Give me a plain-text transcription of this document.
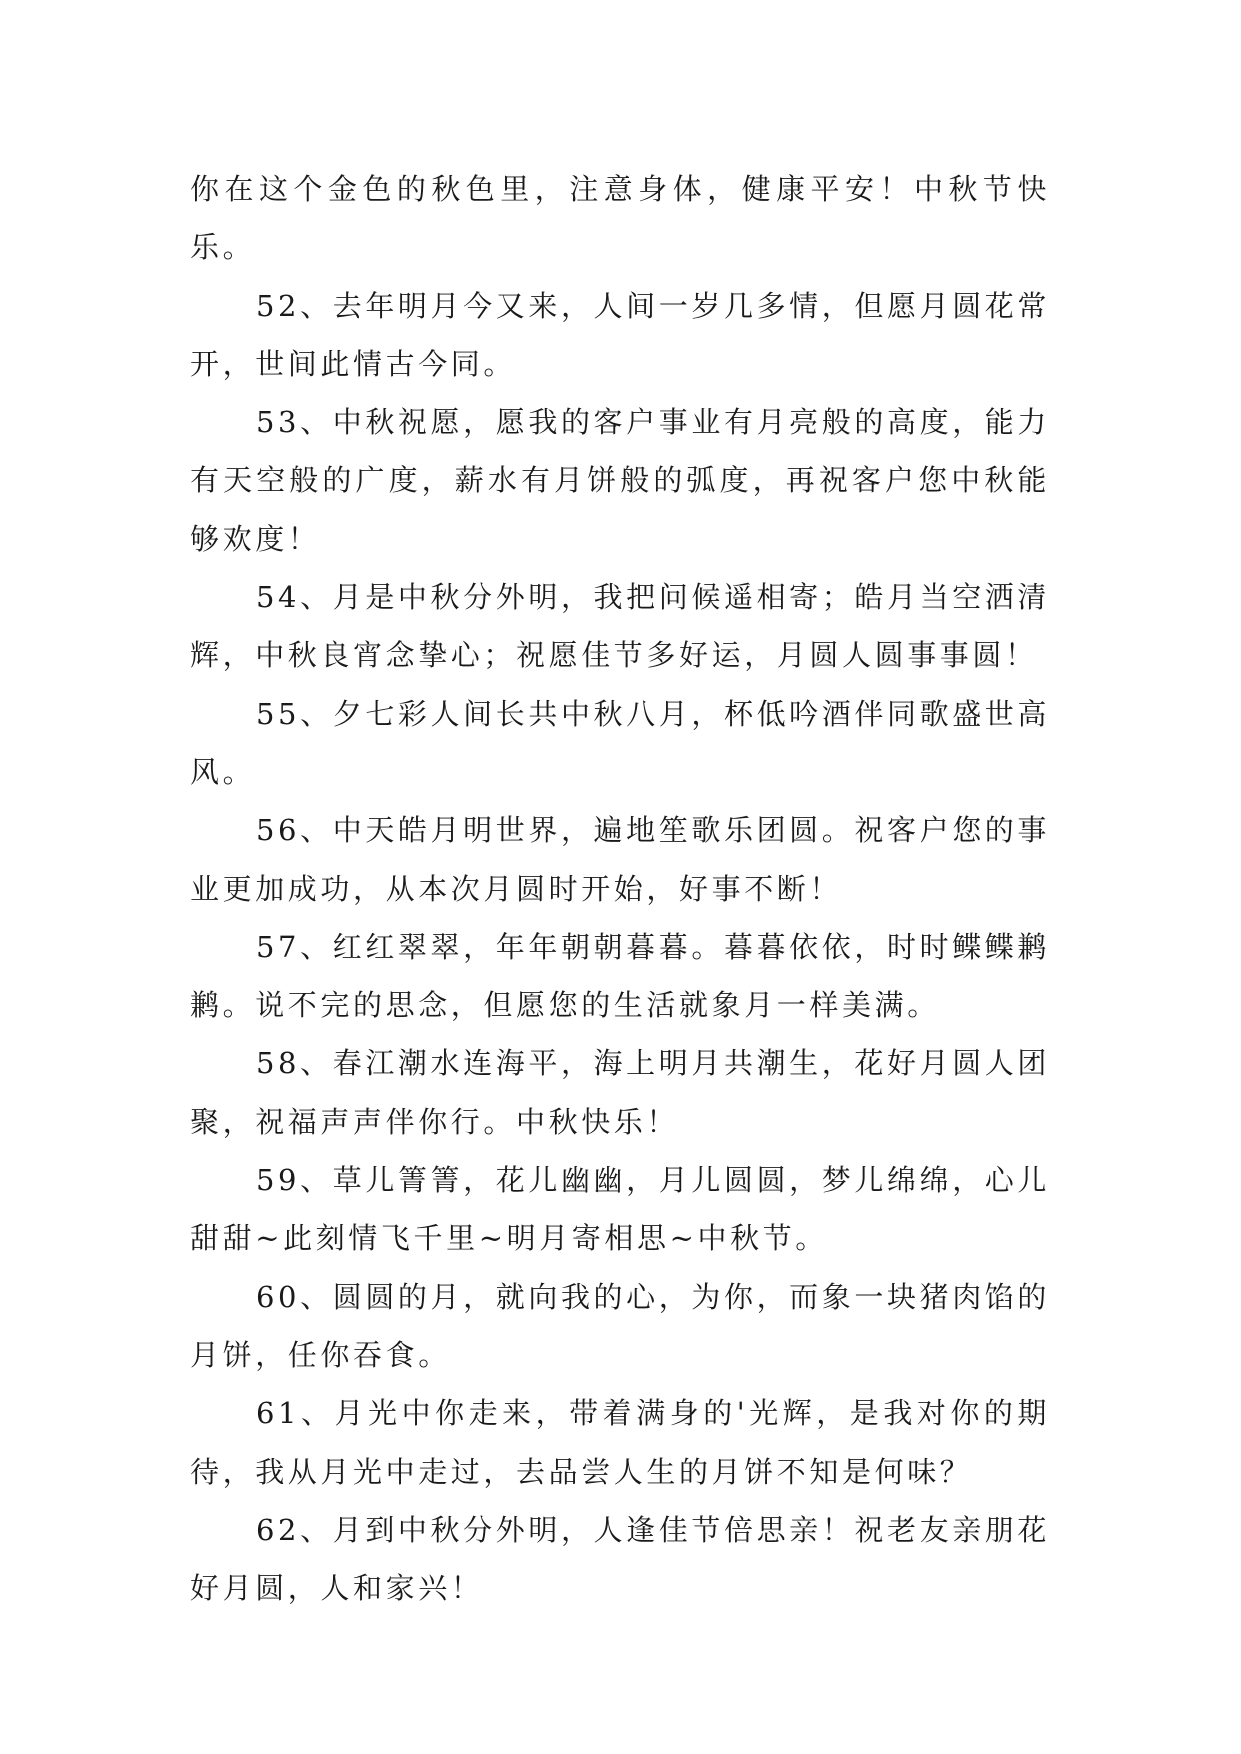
你在这个金色的秋色里，注意身体，健康平安！中秋节快乐。

52、去年明月今又来，人间一岁几多情，但愿月圆花常开，世间此情古今同。

53、中秋祝愿，愿我的客户事业有月亮般的高度，能力有天空般的广度，薪水有月饼般的弧度，再祝客户您中秋能够欢度！

54、月是中秋分外明，我把问候遥相寄；皓月当空洒清辉，中秋良宵念挚心；祝愿佳节多好运，月圆人圆事事圆！

55、夕七彩人间长共中秋八月，杯低吟酒伴同歌盛世高风。

56、中天皓月明世界，遍地笙歌乐团圆。祝客户您的事业更加成功，从本次月圆时开始，好事不断！

57、红红翠翠，年年朝朝暮暮。暮暮依依，时时鲽鲽鹣鹣。说不完的思念，但愿您的生活就象月一样美满。

58、春江潮水连海平，海上明月共潮生，花好月圆人团聚，祝福声声伴你行。中秋快乐！

59、草儿箐箐，花儿幽幽，月儿圆圆，梦儿绵绵，心儿甜甜~此刻情飞千里~明月寄相思~中秋节。

60、圆圆的月，就向我的心，为你，而象一块猪肉馅的月饼，任你吞食。

61、月光中你走来，带着满身的'光辉，是我对你的期待，我从月光中走过，去品尝人生的月饼不知是何味？

62、月到中秋分外明，人逢佳节倍思亲！祝老友亲朋花好月圆，人和家兴！
